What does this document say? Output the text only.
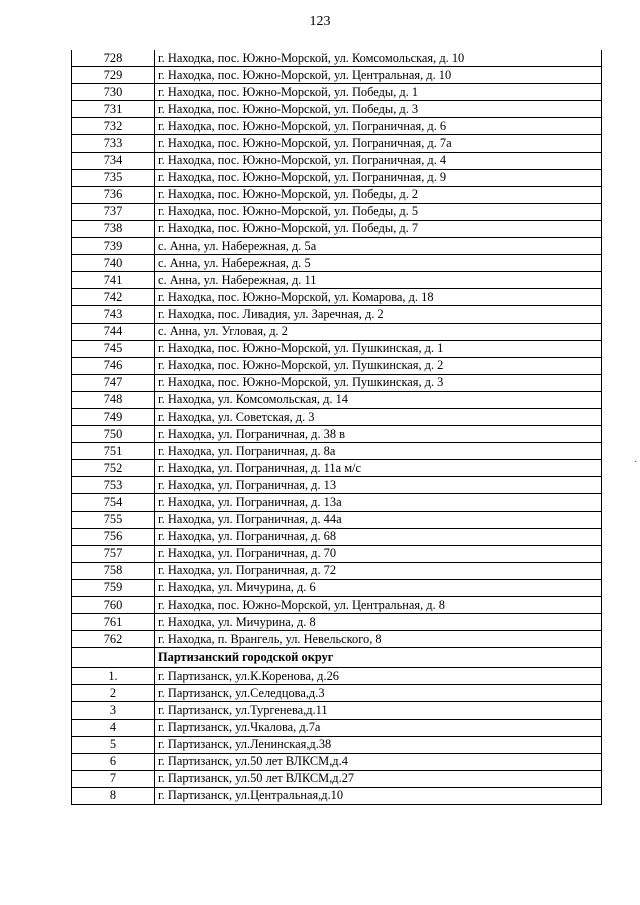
123
728	г. Находка, пос. Южно-Морской, ул. Комсомольская, д. 10
729	г. Находка, пос. Южно-Морской, ул. Центральная, д. 10
730	г. Находка, пос. Южно-Морской, ул. Победы, д. 1
731	г. Находка, пос. Южно-Морской, ул. Победы, д. 3
732	г. Находка, пос. Южно-Морской, ул. Пограничная, д. 6
733	г. Находка, пос. Южно-Морской, ул. Пограничная, д. 7а
734	г. Находка, пос. Южно-Морской, ул. Пограничная, д. 4
735	г. Находка, пос. Южно-Морской, ул. Пограничная, д. 9
736	г. Находка, пос. Южно-Морской, ул. Победы, д. 2
737	г. Находка, пос. Южно-Морской, ул. Победы, д. 5
738	г. Находка, пос. Южно-Морской, ул. Победы, д. 7
739	с. Анна, ул. Набережная, д. 5а
740	с. Анна, ул. Набережная, д. 5
741	с. Анна, ул. Набережная, д. 11
742	г. Находка, пос. Южно-Морской, ул. Комарова, д. 18
743	г. Находка, пос. Ливадия, ул. Заречная, д. 2
744	с. Анна, ул. Угловая, д. 2
745	г. Находка, пос. Южно-Морской, ул. Пушкинская, д. 1
746	г. Находка, пос. Южно-Морской, ул. Пушкинская, д. 2
747	г. Находка, пос. Южно-Морской, ул. Пушкинская, д. 3
748	г. Находка, ул. Комсомольская, д. 14
749	г. Находка, ул. Советская, д. 3
750	г. Находка, ул. Пограничная, д. 38 в
751	г. Находка, ул. Пограничная, д. 8а
752	г. Находка, ул. Пограничная, д. 11а м/с
753	г. Находка, ул. Пограничная, д. 13
754	г. Находка, ул. Пограничная, д. 13а
755	г. Находка, ул. Пограничная, д. 44а
756	г. Находка, ул. Пограничная, д. 68
757	г. Находка, ул. Пограничная, д. 70
758	г. Находка, ул. Пограничная, д. 72
759	г. Находка, ул. Мичурина, д. 6
760	г. Находка, пос. Южно-Морской, ул. Центральная, д. 8
761	г. Находка, ул. Мичурина, д. 8
762	г. Находка, п. Врангель, ул. Невельского, 8
	Партизанский городской округ
1.	г. Партизанск, ул.К.Коренова, д.26
2	г. Партизанск, ул.Селедцова,д.3
3	г. Партизанск, ул.Тургенева,д.11
4	г. Партизанск, ул.Чкалова, д.7а
5	г. Партизанск, ул.Ленинская,д.38
6	г. Партизанск, ул.50 лет ВЛКСМ,д.4
7	г. Партизанск, ул.50 лет ВЛКСМ,д.27
8	г. Партизанск, ул.Центральная,д.10
.
